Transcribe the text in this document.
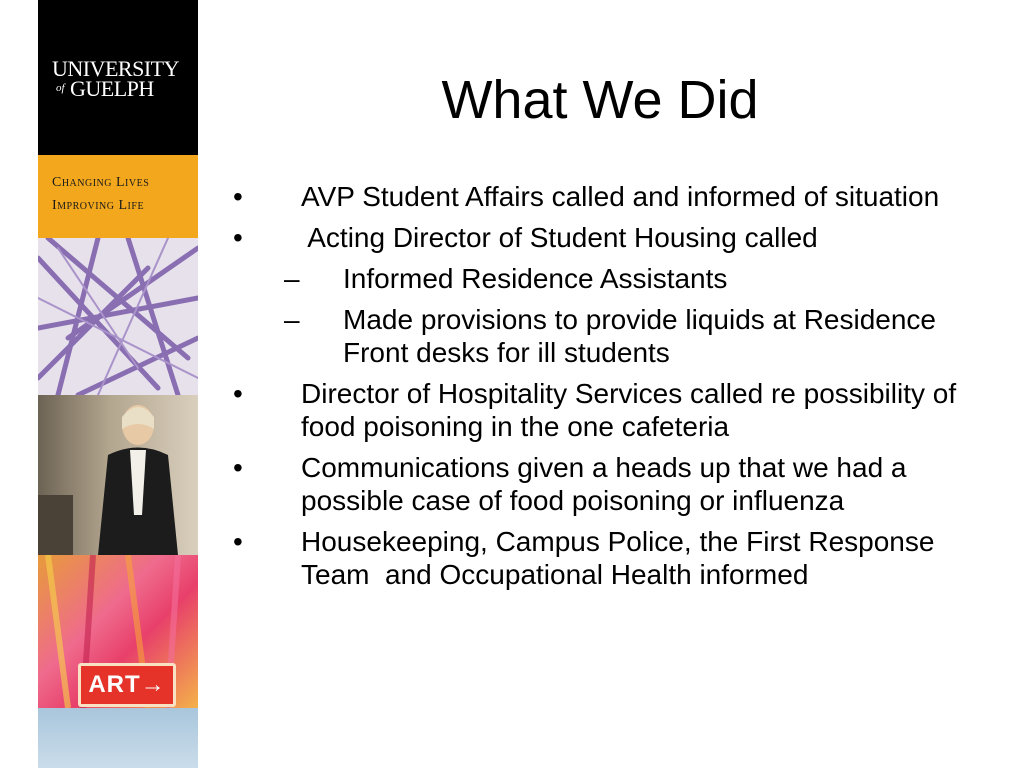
UNIVERSITY
of GUELPH
Changing Lives
Improving Life
ART→
What We Did
• AVP Student Affairs called and informed of situation
• Acting Director of Student Housing called
– Informed Residence Assistants
– Made provisions to provide liquids at Residence Front desks for ill students
• Director of Hospitality Services called re possibility of food poisoning in the one cafeteria
• Communications given a heads up that we had a possible case of food poisoning or influenza
• Housekeeping, Campus Police, the First Response Team  and Occupational Health informed
